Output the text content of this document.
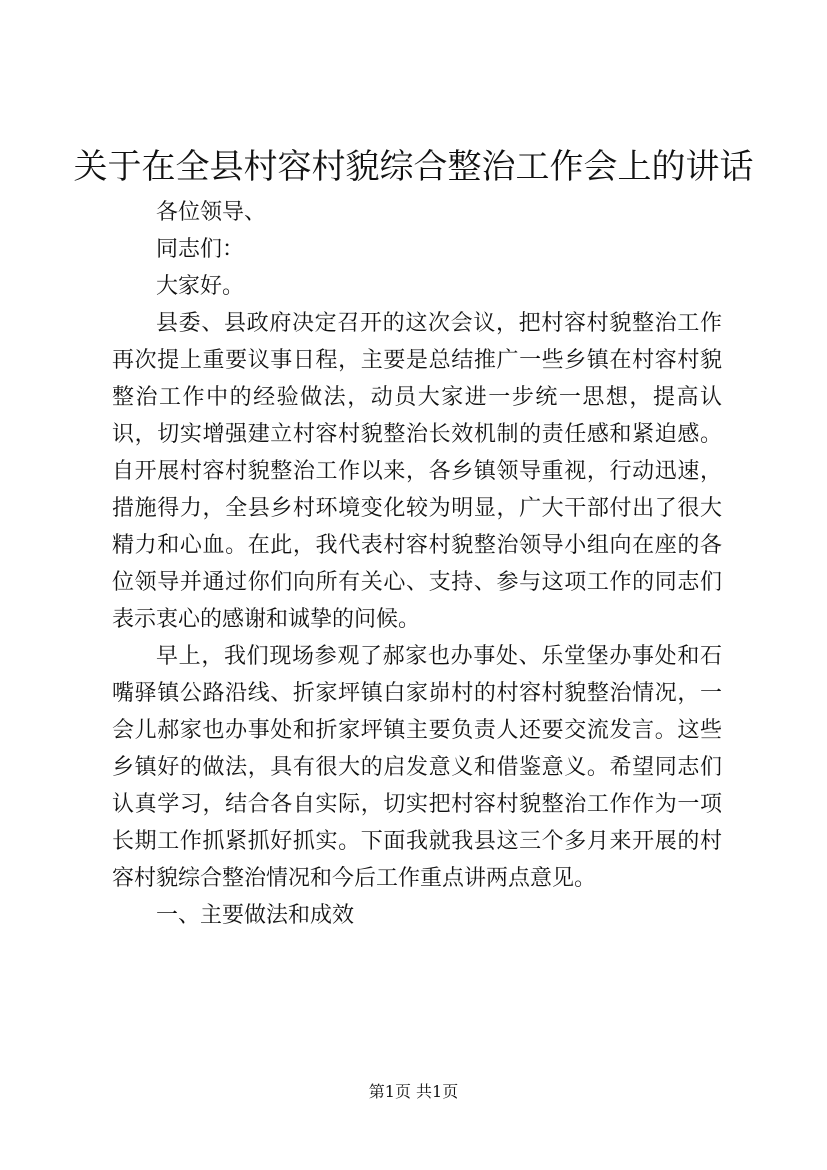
关于在全县村容村貌综合整治工作会上的讲话

各位领导、

同志们：

大家好。

县委、县政府决定召开的这次会议，把村容村貌整治工作再次提上重要议事日程，主要是总结推广一些乡镇在村容村貌整治工作中的经验做法，动员大家进一步统一思想，提高认识，切实增强建立村容村貌整治长效机制的责任感和紧迫感。自开展村容村貌整治工作以来，各乡镇领导重视，行动迅速，措施得力，全县乡村环境变化较为明显，广大干部付出了很大精力和心血。在此，我代表村容村貌整治领导小组向在座的各位领导并通过你们向所有关心、支持、参与这项工作的同志们表示衷心的感谢和诚挚的问候。

早上，我们现场参观了郝家也办事处、乐堂堡办事处和石嘴驿镇公路沿线、折家坪镇白家峁村的村容村貌整治情况，一会儿郝家也办事处和折家坪镇主要负责人还要交流发言。这些乡镇好的做法，具有很大的启发意义和借鉴意义。希望同志们认真学习，结合各自实际，切实把村容村貌整治工作作为一项长期工作抓紧抓好抓实。下面我就我县这三个多月来开展的村容村貌综合整治情况和今后工作重点讲两点意见。

一、主要做法和成效

第1页 共1页
